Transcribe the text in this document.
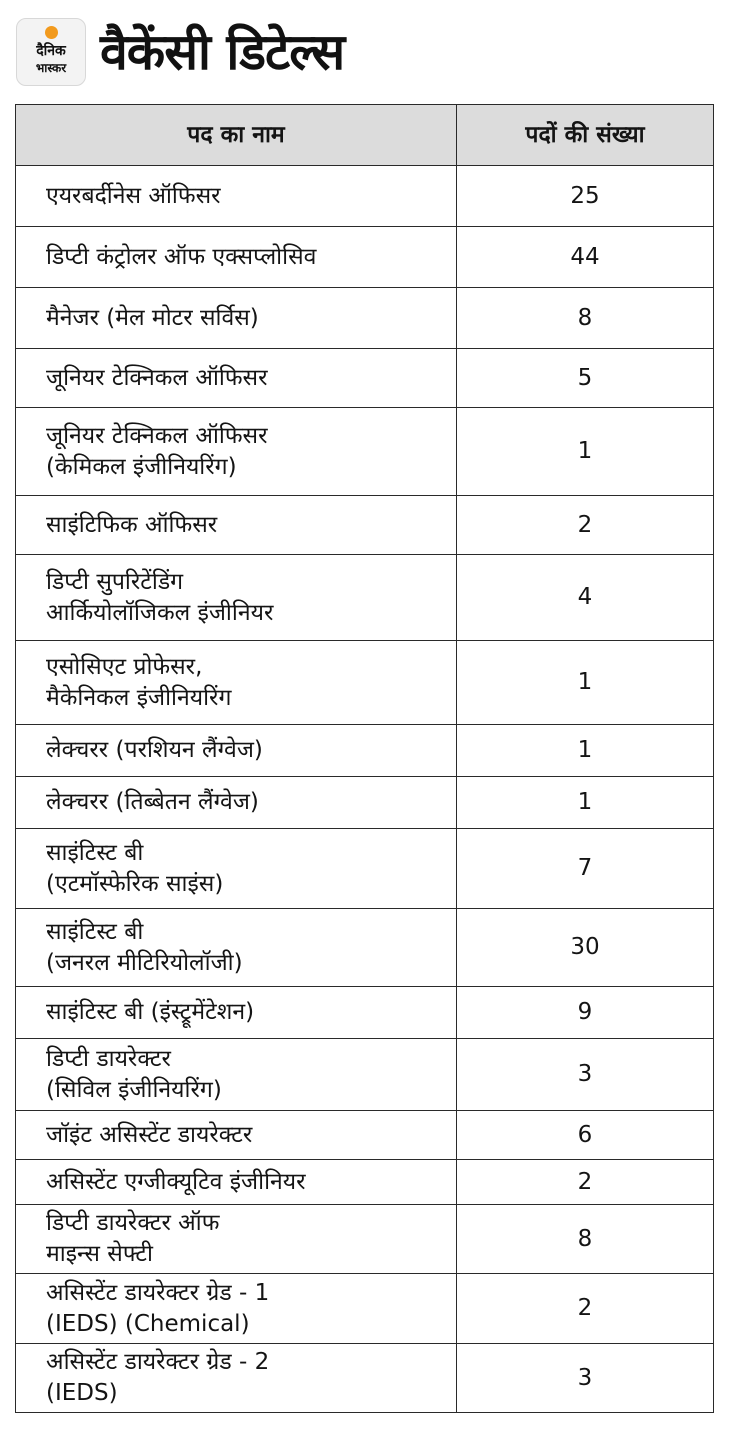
दैनिक
भास्कर वैकेंसी डिटेल्स
पद का नाम	पदों की संख्या

एयरबर्दीनेस ऑफिसर	25

डिप्टी कंट्रोलर ऑफ एक्सप्लोसिव	44

मैनेजर (मेल मोटर सर्विस)	8

जूनियर टेक्निकल ऑफिसर	5

जूनियर टेक्निकल ऑफिसर
(केमिकल इंजीनियरिंग)	1

साइंटिफिक ऑफिसर	2

डिप्टी सुपरिटेंडिंग
आर्कियोलॉजिकल इंजीनियर	4

एसोसिएट प्रोफेसर,
मैकेनिकल इंजीनियरिंग	1

लेक्चरर (परशियन लैंग्वेज)	1

लेक्चरर (तिब्बेतन लैंग्वेज)	1

साइंटिस्ट बी
(एटमॉस्फेरिक साइंस)	7

साइंटिस्ट बी
(जनरल मीटिरियोलॉजी)	30

साइंटिस्ट बी (इंस्ट्रूमेंटेशन)	9

डिप्टी डायरेक्टर
(सिविल इंजीनियरिंग)	3

जॉइंट असिस्टेंट डायरेक्टर	6

असिस्टेंट एग्जीक्यूटिव इंजीनियर	2

डिप्टी डायरेक्टर ऑफ
माइन्स सेफ्टी	8

असिस्टेंट डायरेक्टर ग्रेड - 1
(IEDS) (Chemical)	2

असिस्टेंट डायरेक्टर ग्रेड - 2
(IEDS)	3
